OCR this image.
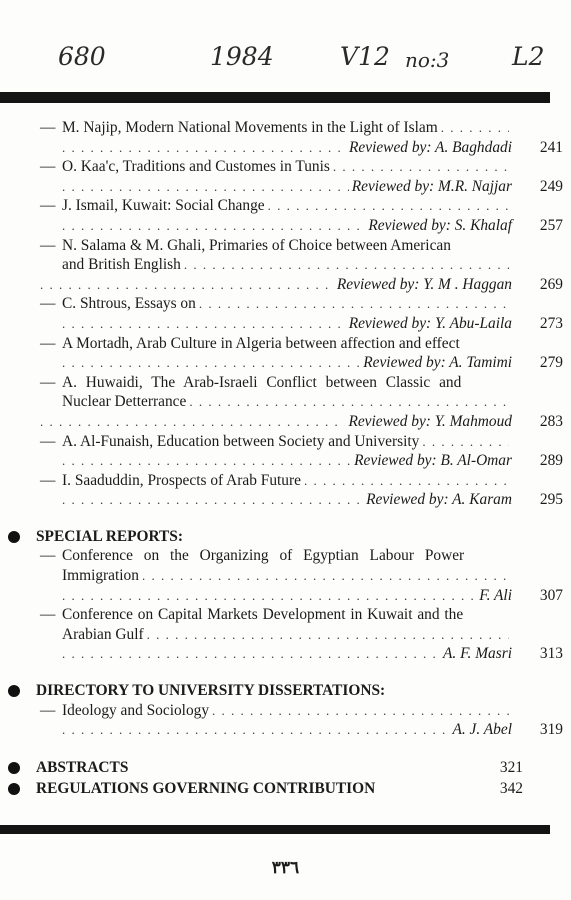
680	1984	V12 no:3	L2
— M. Najip, Modern National Movements in the Light of Islam
. . .
. . .
Reviewed by: A. Baghdadi	241
— O. Kaa'c, Traditions and Customes in Tunis
. . .
. . .
Reviewed by: M.R. Najjar	249
— J. Ismail, Kuwait: Social Change
. . .
. . .
Reviewed by: S. Khalaf	257
— N. Salama & M. Ghali, Primaries of Choice between American
and British English
. . .
. . .
Reviewed by: Y. M . Haggan	269
— C. Shtrous, Essays on
. . .
. . .
Reviewed by: Y. Abu-Laila	273
— A Mortadh, Arab Culture in Algeria between affection and effect
. . .
Reviewed by: A. Tamimi	279
— A. Huwaidi, The Arab-Israeli Conflict between Classic and
Nuclear Detterrance
. . .
. . .
Reviewed by: Y. Mahmoud	283
— A. Al-Funaish, Education between Society and University
. . .
. . .
Reviewed by: B. Al-Omar	289
— I. Saaduddin, Prospects of Arab Future
. . .
. . .
Reviewed by: A. Karam	295
SPECIAL REPORTS:
— Conference on the Organizing of Egyptian Labour Power
Immigration
. . .
. . .
F. Ali	307
— Conference on Capital Markets Development in Kuwait and the
Arabian Gulf
. . .
. . .
A. F. Masri	313
DIRECTORY TO UNIVERSITY DISSERTATIONS:
— Ideology and Sociology
. . .
. . .
A. J. Abel	319
ABSTRACTS	321
REGULATIONS GOVERNING CONTRIBUTION	342
٣٣٦
